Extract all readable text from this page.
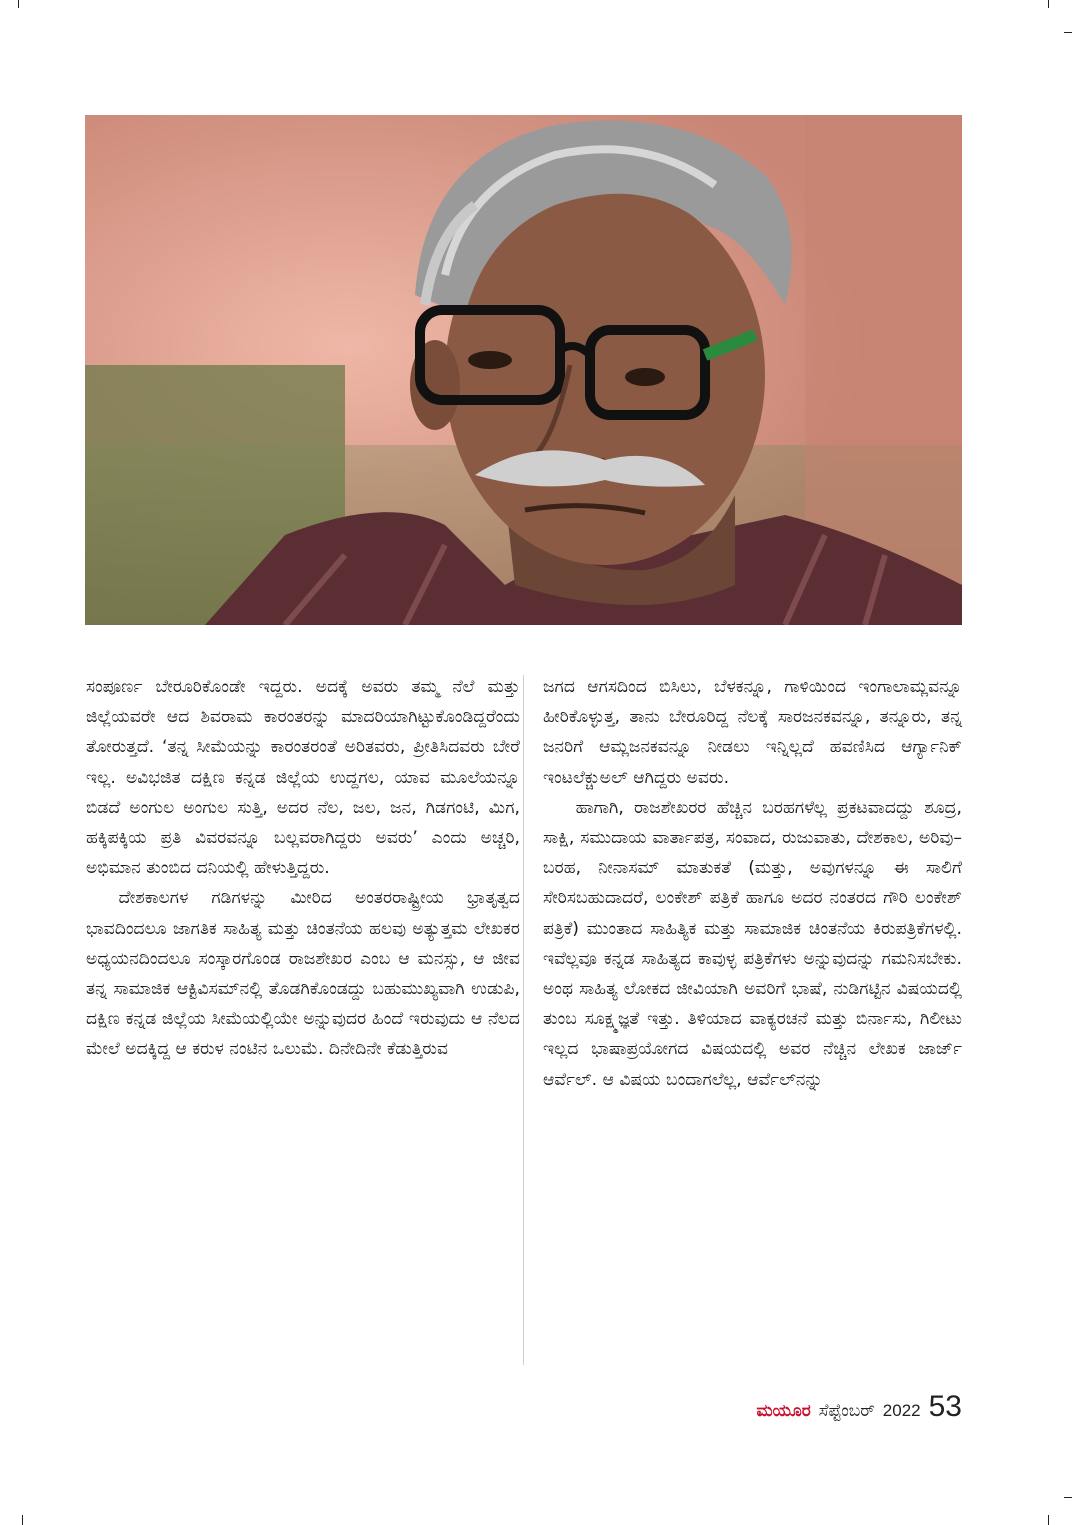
ಸಂಪೂರ್ಣ ಬೇರೂರಿಕೊಂಡೇ ಇದ್ದರು. ಅದಕ್ಕೆ ಅವರು ತಮ್ಮ ನೆಲೆ ಮತ್ತು ಜಿಲ್ಲೆಯವರೇ ಆದ ಶಿವರಾಮ ಕಾರಂತರನ್ನು ಮಾದರಿಯಾಗಿಟ್ಟುಕೊಂಡಿದ್ದರೆಂದು ತೋರುತ್ತದೆ. ‘ತನ್ನ ಸೀಮೆಯನ್ನು ಕಾರಂತರಂತೆ ಅರಿತವರು, ಪ್ರೀತಿಸಿದವರು ಬೇರೆ ಇಲ್ಲ. ಅವಿಭಜಿತ ದಕ್ಷಿಣ ಕನ್ನಡ ಜಿಲ್ಲೆಯ ಉದ್ದಗಲ, ಯಾವ ಮೂಲೆಯನ್ನೂ ಬಿಡದೆ ಅಂಗುಲ ಅಂಗುಲ ಸುತ್ತಿ, ಅದರ ನೆಲ, ಜಲ, ಜನ, ಗಿಡಗಂಟಿ, ಮಿಗ, ಹಕ್ಕಿಪಕ್ಕಿಯ ಪ್ರತಿ ವಿವರವನ್ನೂ ಬಲ್ಲವರಾಗಿದ್ದರು ಅವರು’ ಎಂದು ಅಚ್ಚರಿ, ಅಭಿಮಾನ ತುಂಬಿದ ದನಿಯಲ್ಲಿ ಹೇಳುತ್ತಿದ್ದರು.

ದೇಶಕಾಲಗಳ ಗಡಿಗಳನ್ನು ಮೀರಿದ ಅಂತರರಾಷ್ಟ್ರೀಯ ಭ್ರಾತೃತ್ವದ ಭಾವದಿಂದಲೂ ಜಾಗತಿಕ ಸಾಹಿತ್ಯ ಮತ್ತು ಚಿಂತನೆಯ ಹಲವು ಅತ್ಯುತ್ತಮ ಲೇಖಕರ ಅಧ್ಯಯನದಿಂದಲೂ ಸಂಸ್ಕಾರಗೊಂಡ ರಾಜಶೇಖರ ಎಂಬ ಆ ಮನಸ್ಸು, ಆ ಜೀವ ತನ್ನ ಸಾಮಾಜಿಕ ಆಕ್ಟಿವಿಸಮ್‌ನಲ್ಲಿ ತೊಡಗಿಕೊಂಡದ್ದು ಬಹುಮುಖ್ಯವಾಗಿ ಉಡುಪಿ, ದಕ್ಷಿಣ ಕನ್ನಡ ಜಿಲ್ಲೆಯ ಸೀಮೆಯಲ್ಲಿಯೇ ಅನ್ನುವುದರ ಹಿಂದೆ ಇರುವುದು ಆ ನೆಲದ ಮೇಲೆ ಅದಕ್ಕಿದ್ದ ಆ ಕರುಳ ನಂಟಿನ ಒಲುಮೆ. ದಿನೇದಿನೇ ಕೆಡುತ್ತಿರುವ

ಜಗದ ಆಗಸದಿಂದ ಬಿಸಿಲು, ಬೆಳಕನ್ನೂ, ಗಾಳಿಯಿಂದ ಇಂಗಾಲಾಮ್ಲವನ್ನೂ ಹೀರಿಕೊಳ್ಳುತ್ತ, ತಾನು ಬೇರೂರಿದ್ದ ನೆಲಕ್ಕೆ ಸಾರಜನಕವನ್ನೂ, ತನ್ನೂರು, ತನ್ನ ಜನರಿಗೆ ಆಮ್ಲಜನಕವನ್ನೂ ನೀಡಲು ಇನ್ನಿಲ್ಲದೆ ಹವಣಿಸಿದ ಆರ್ಗ್ಯಾನಿಕ್ ಇಂಟಲೆಕ್ಚುಅಲ್ ಆಗಿದ್ದರು ಅವರು.

ಹಾಗಾಗಿ, ರಾಜಶೇಖರರ ಹೆಚ್ಚಿನ ಬರಹಗಳೆಲ್ಲ ಪ್ರಕಟವಾದದ್ದು ಶೂದ್ರ, ಸಾಕ್ಷಿ, ಸಮುದಾಯ ವಾರ್ತಾಪತ್ರ, ಸಂವಾದ, ರುಜುವಾತು, ದೇಶಕಾಲ, ಅರಿವು–ಬರಹ, ನೀನಾಸಮ್ ಮಾತುಕತೆ (ಮತ್ತು, ಅವುಗಳನ್ನೂ ಈ ಸಾಲಿಗೆ ಸೇರಿಸಬಹುದಾದರೆ, ಲಂಕೇಶ್ ಪತ್ರಿಕೆ ಹಾಗೂ ಅದರ ನಂತರದ ಗೌರಿ ಲಂಕೇಶ್ ಪತ್ರಿಕೆ) ಮುಂತಾದ ಸಾಹಿತ್ಯಿಕ ಮತ್ತು ಸಾಮಾಜಿಕ ಚಿಂತನೆಯ ಕಿರುಪತ್ರಿಕೆಗಳಲ್ಲಿ. ಇವೆಲ್ಲವೂ ಕನ್ನಡ ಸಾಹಿತ್ಯದ ಕಾವುಳ್ಳ ಪತ್ರಿಕೆಗಳು ಅನ್ನುವುದನ್ನು ಗಮನಿಸಬೇಕು. ಅಂಥ ಸಾಹಿತ್ಯ ಲೋಕದ ಜೀವಿಯಾಗಿ ಅವರಿಗೆ ಭಾಷೆ, ನುಡಿಗಟ್ಟಿನ ವಿಷಯದಲ್ಲಿ ತುಂಬ ಸೂಕ್ಷ್ಮಜ್ಞತೆ ಇತ್ತು. ತಿಳಿಯಾದ ವಾಕ್ಯರಚನೆ ಮತ್ತು ಬಿರ್ನಾಸು, ಗಿಲೀಟು ಇಲ್ಲದ ಭಾಷಾಪ್ರಯೋಗದ ವಿಷಯದಲ್ಲಿ ಅವರ ನೆಚ್ಚಿನ ಲೇಖಕ ಜಾರ್ಜ್ ಆರ್ವೆಲ್. ಆ ವಿಷಯ ಬಂದಾಗಲೆಲ್ಲ, ಆರ್ವೆಲ್‌ನನ್ನು

ಮಯೂರ ಸೆಪ್ಟೆಂಬರ್ 2022 53
